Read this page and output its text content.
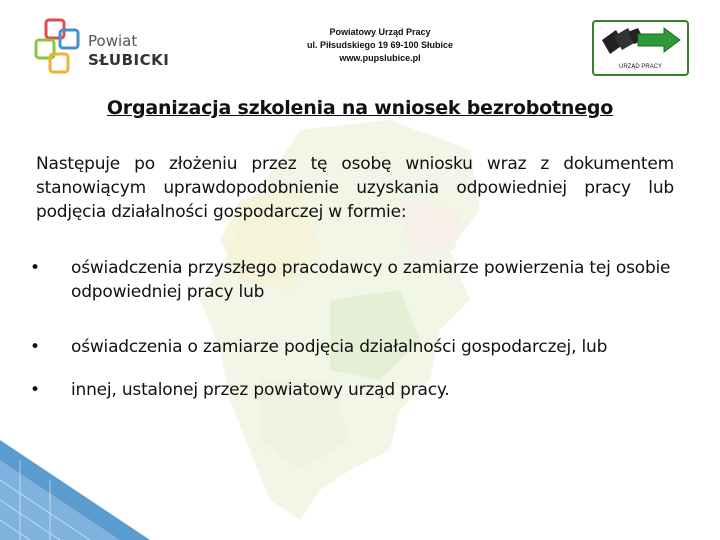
Powiat
SŁUBICKI
Powiatowy Urząd Pracy
ul. Piłsudskiego 19 69-100 Słubice
www.pupslubice.pl
URZĄD PRACY
Organizacja szkolenia na wniosek bezrobotnego
Następuje po złożeniu przez tę osobę wniosku wraz z dokumentem stanowiącym uprawdopodobnienie uzyskania odpowiedniej pracy lub podjęcia działalności gospodarczej w formie:
• oświadczenia przyszłego pracodawcy o zamiarze powierzenia tej osobie odpowiedniej pracy lub
• oświadczenia o zamiarze podjęcia działalności gospodarczej, lub
• innej, ustalonej przez powiatowy urząd pracy.
